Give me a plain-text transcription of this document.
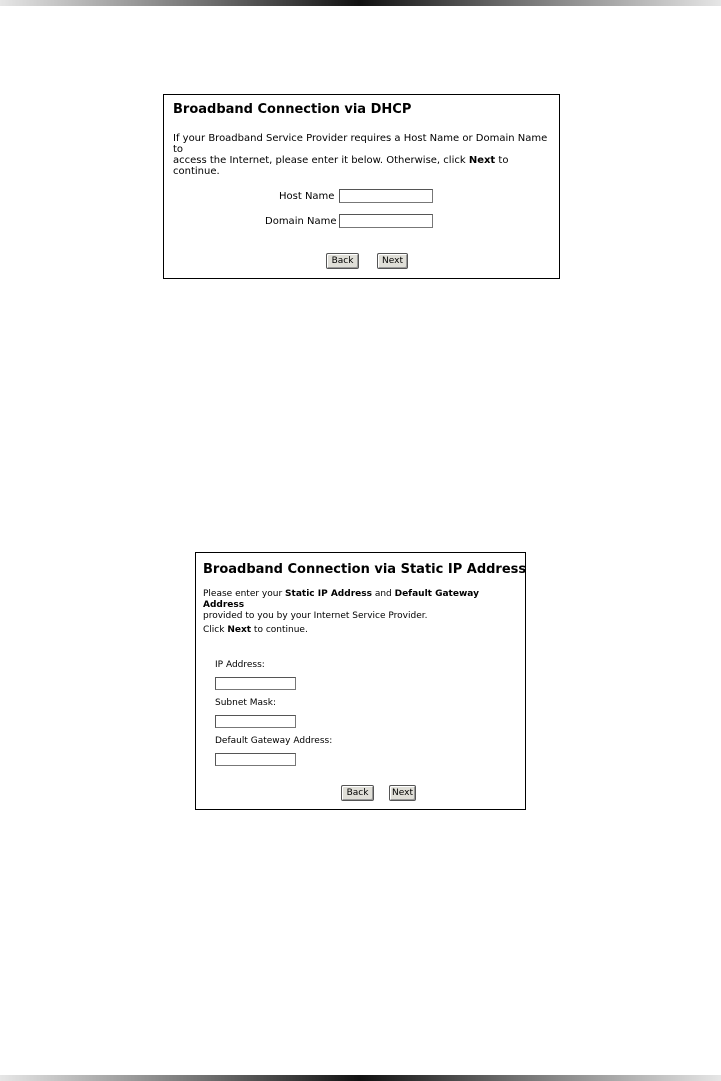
Broadband Connection via DHCP

If your Broadband Service Provider requires a Host Name or Domain Name to
access the Internet, please enter it below. Otherwise, click Next to
continue.

Host Name
Domain Name
Back	Next
Broadband Connection via Static IP Address

Please enter your Static IP Address and Default Gateway Address
provided to you by your Internet Service Provider.

Click Next to continue.

IP Address:
Subnet Mask:
Default Gateway Address:
Back	Next
